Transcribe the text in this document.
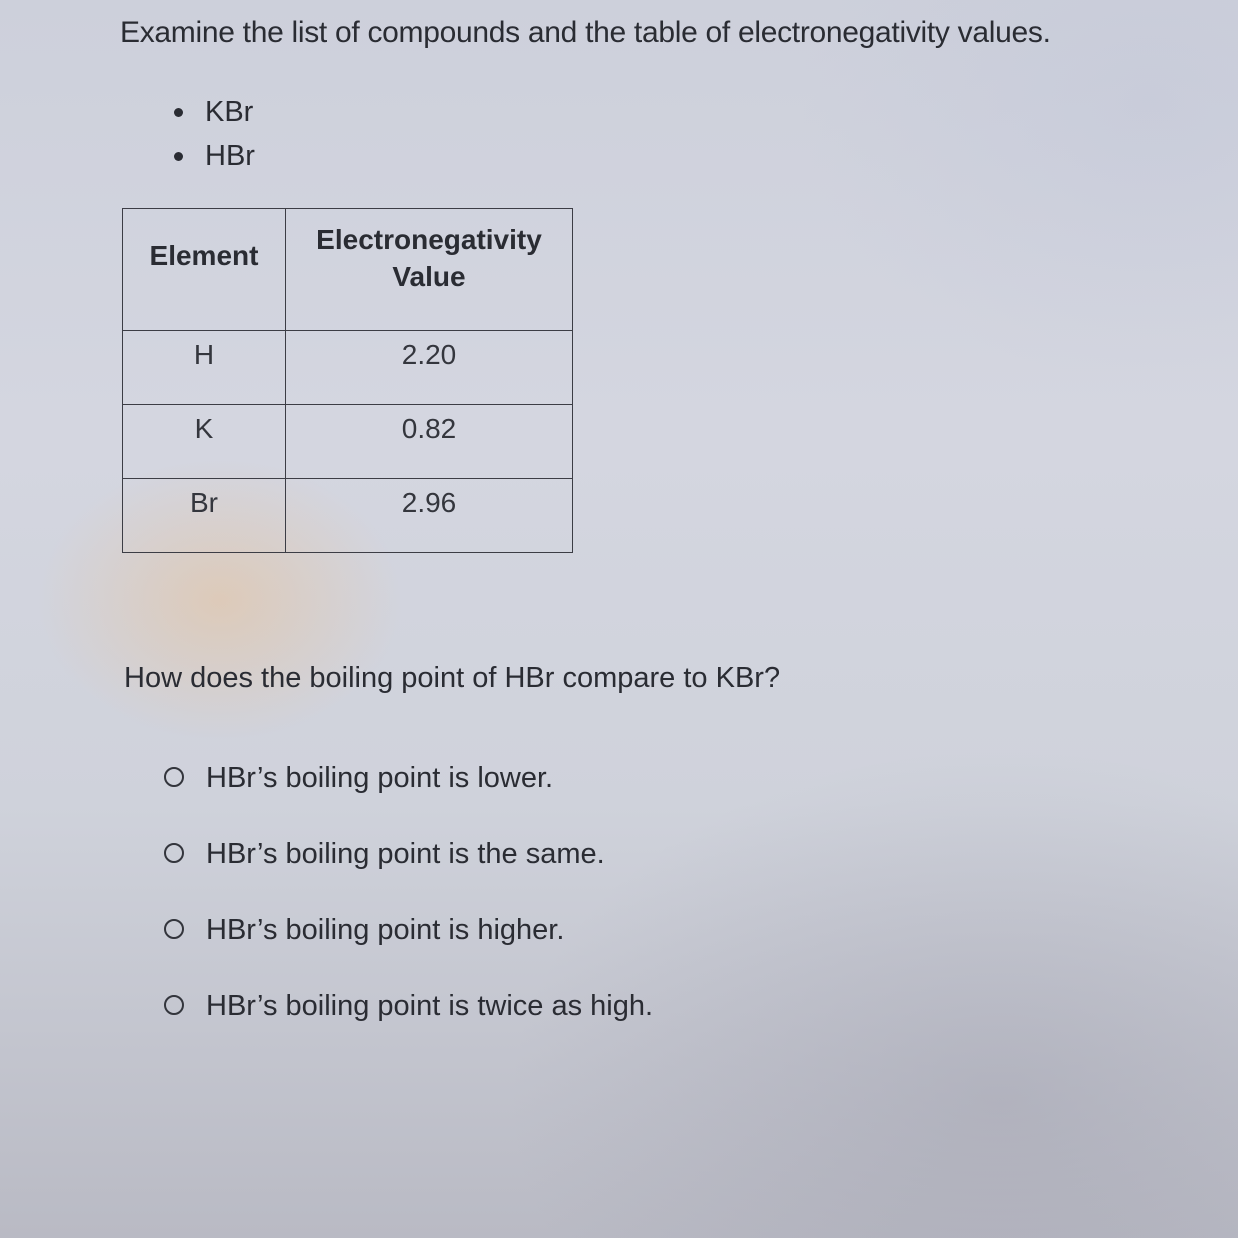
Examine the list of compounds and the table of electronegativity values.
KBr
HBr
Element	Electronegativity
Value

H	2.20
K	0.82
Br	2.96

How does the boiling point of HBr compare to KBr?

HBr’s boiling point is lower.
HBr’s boiling point is the same.
HBr’s boiling point is higher.
HBr’s boiling point is twice as high.
